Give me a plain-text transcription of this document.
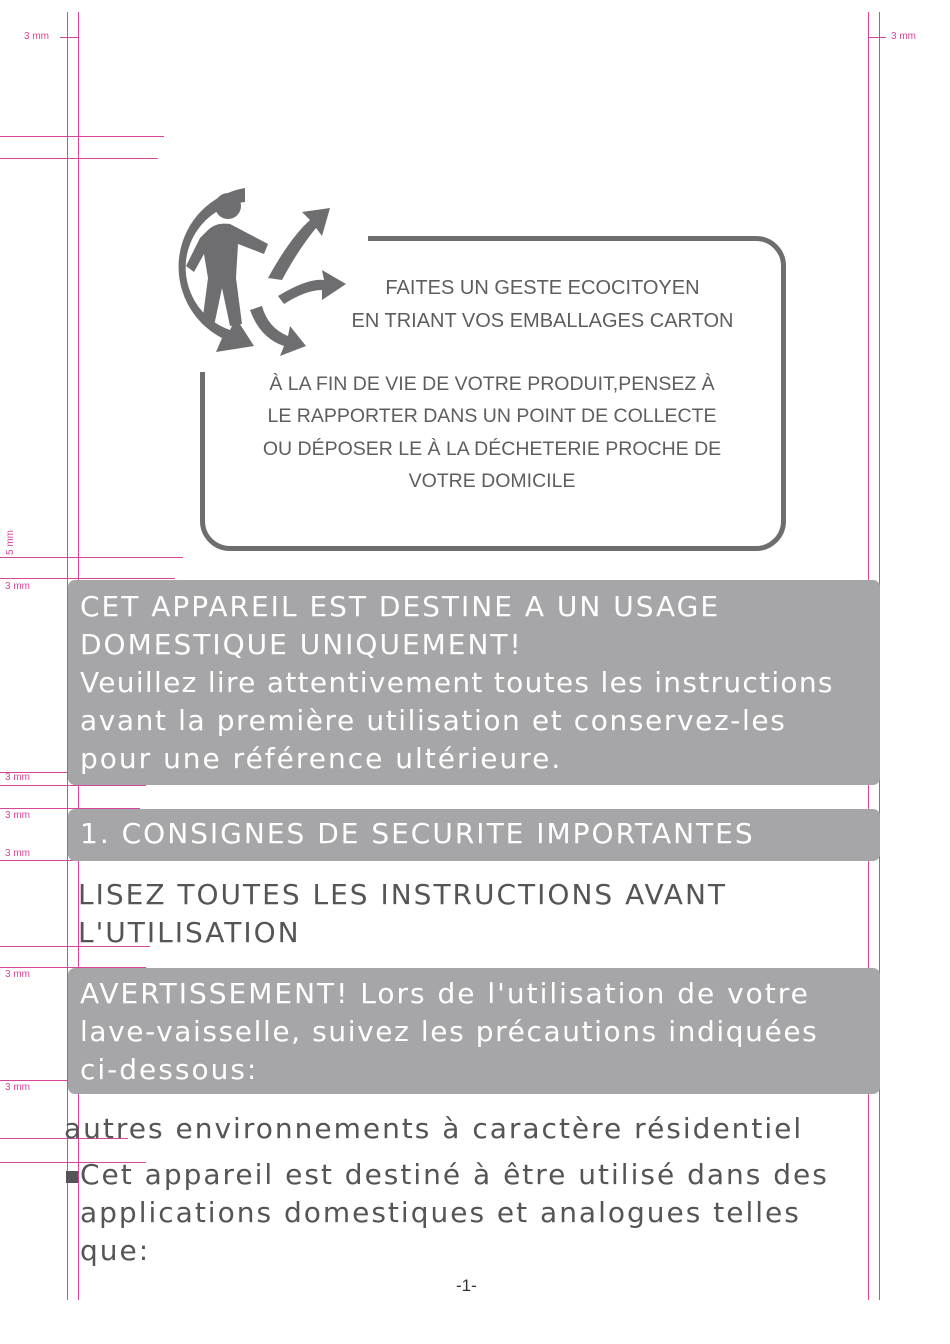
3 mm	3 mm
5 mm
3 mm
3 mm
3 mm
3 mm
3 mm
3 mm
FAITES UN GESTE ECOCITOYEN
EN TRIANT VOS EMBALLAGES CARTON
À LA FIN DE VIE DE VOTRE PRODUIT,PENSEZ À
LE RAPPORTER DANS UN POINT DE COLLECTE
OU DÉPOSER LE À LA DÉCHETERIE PROCHE DE
VOTRE DOMICILE

CET APPAREIL EST DESTINE A UN USAGE

DOMESTIQUE UNIQUEMENT!

Veuillez lire attentivement toutes les instructions

avant la première utilisation et conservez-les

pour une référence ultérieure.

1. CONSIGNES DE SECURITE IMPORTANTES

LISEZ TOUTES LES INSTRUCTIONS AVANT

L'UTILISATION

AVERTISSEMENT! Lors de l'utilisation de votre

lave-vaisselle, suivez les précautions indiquées

ci-dessous:

autres environnements à caractère résidentiel

Cet appareil est destiné à être utilisé dans des

applications domestiques et analogues telles

que:

-1-
